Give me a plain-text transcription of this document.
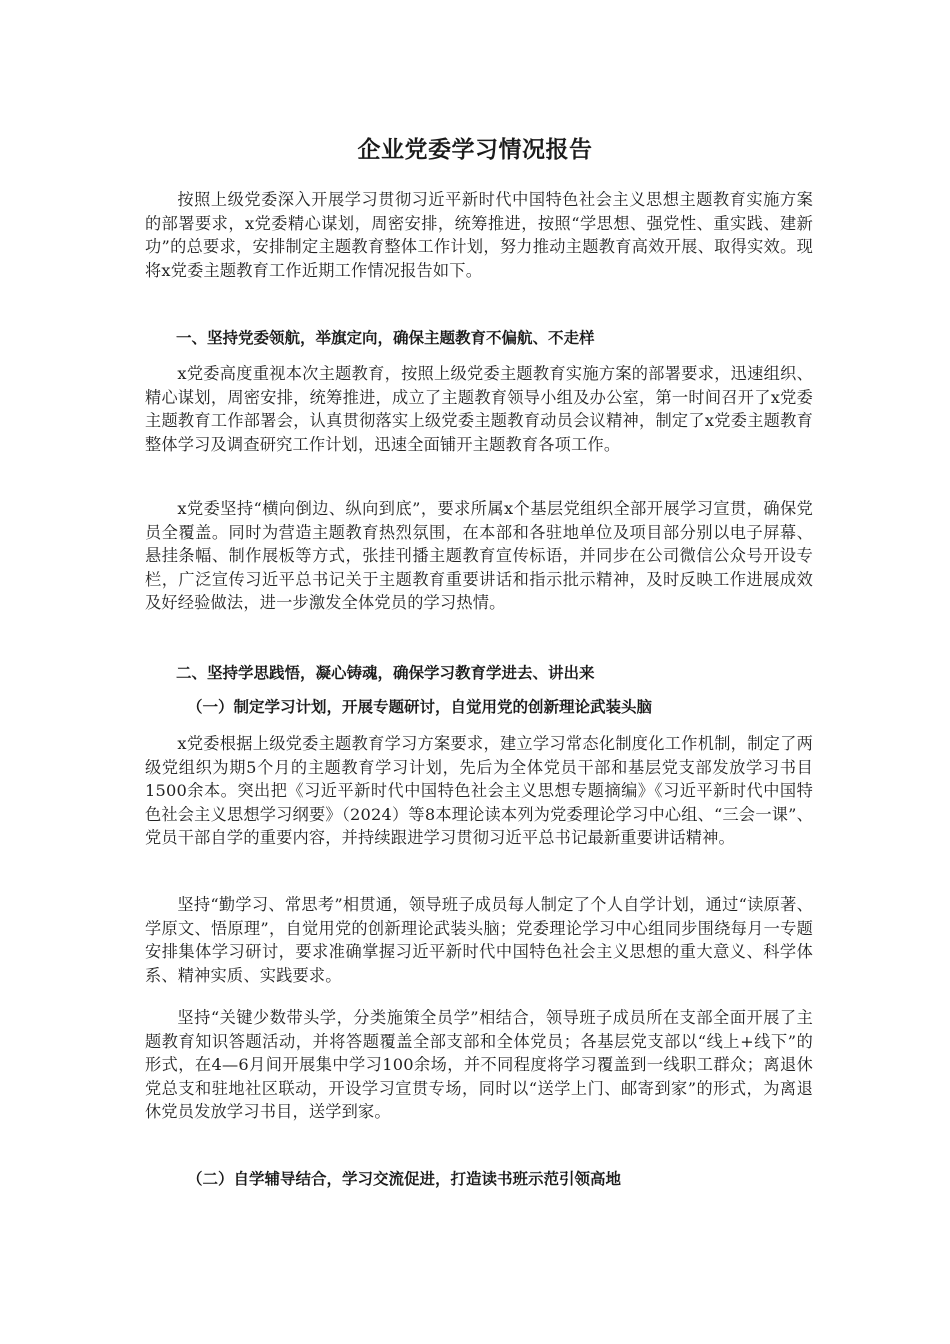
企业党委学习情况报告

按照上级党委深入开展学习贯彻习近平新时代中国特色社会主义思想主题教育实施方案的部署要求，x党委精心谋划，周密安排，统筹推进，按照“学思想、强党性、重实践、建新功”的总要求，安排制定主题教育整体工作计划，努力推动主题教育高效开展、取得实效。现将x党委主题教育工作近期工作情况报告如下。

一、坚持党委领航，举旗定向，确保主题教育不偏航、不走样

x党委高度重视本次主题教育，按照上级党委主题教育实施方案的部署要求，迅速组织、精心谋划，周密安排，统筹推进，成立了主题教育领导小组及办公室，第一时间召开了x党委主题教育工作部署会，认真贯彻落实上级党委主题教育动员会议精神，制定了x党委主题教育整体学习及调查研究工作计划，迅速全面铺开主题教育各项工作。

x党委坚持“横向倒边、纵向到底”，要求所属x个基层党组织全部开展学习宣贯，确保党员全覆盖。同时为营造主题教育热烈氛围，在本部和各驻地单位及项目部分别以电子屏幕、悬挂条幅、制作展板等方式，张挂刊播主题教育宣传标语，并同步在公司微信公众号开设专栏，广泛宣传习近平总书记关于主题教育重要讲话和指示批示精神，及时反映工作进展成效及好经验做法，进一步激发全体党员的学习热情。

二、坚持学思践悟，凝心铸魂，确保学习教育学进去、讲出来
（一）制定学习计划，开展专题研讨，自觉用党的创新理论武装头脑

x党委根据上级党委主题教育学习方案要求，建立学习常态化制度化工作机制，制定了两级党组织为期5个月的主题教育学习计划，先后为全体党员干部和基层党支部发放学习书目1500余本。突出把《习近平新时代中国特色社会主义思想专题摘编》《习近平新时代中国特色社会主义思想学习纲要》（2024）等8本理论读本列为党委理论学习中心组、“三会一课”、党员干部自学的重要内容，并持续跟进学习贯彻习近平总书记最新重要讲话精神。

坚持“勤学习、常思考”相贯通，领导班子成员每人制定了个人自学计划，通过“读原著、学原文、悟原理”，自觉用党的创新理论武装头脑；党委理论学习中心组同步围绕每月一专题安排集体学习研讨，要求准确掌握习近平新时代中国特色社会主义思想的重大意义、科学体系、精神实质、实践要求。

坚持“关键少数带头学，分类施策全员学”相结合，领导班子成员所在支部全面开展了主题教育知识答题活动，并将答题覆盖全部支部和全体党员；各基层党支部以“线上+线下”的形式，在4—6月间开展集中学习100余场，并不同程度将学习覆盖到一线职工群众；离退休党总支和驻地社区联动，开设学习宣贯专场，同时以“送学上门、邮寄到家”的形式，为离退休党员发放学习书目，送学到家。

（二）自学辅导结合，学习交流促进，打造读书班示范引领高地
